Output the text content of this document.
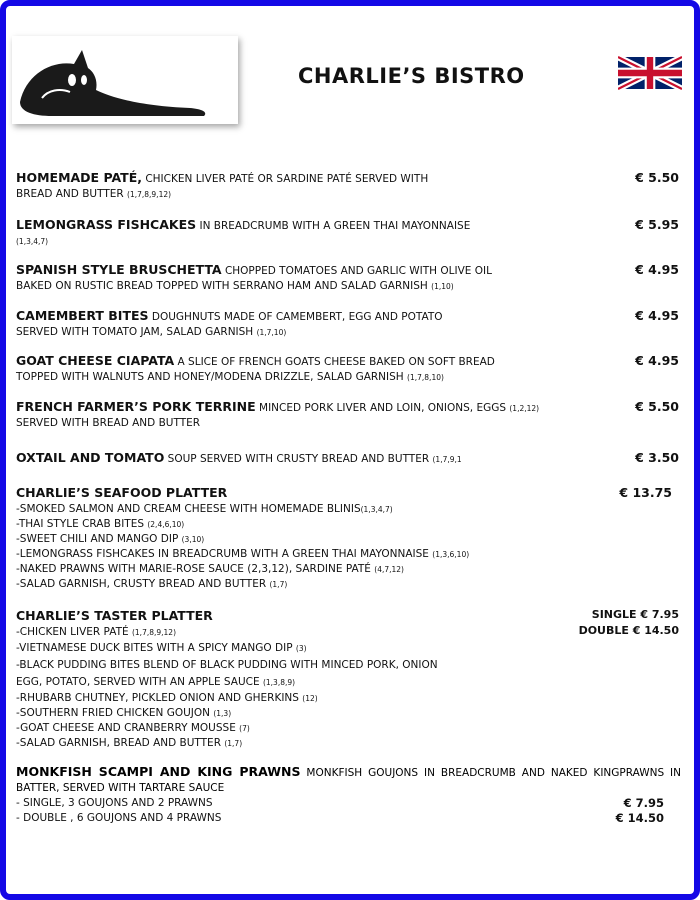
CHARLIE’S BISTRO
HOMEMADE PATÉ, CHICKEN LIVER PATÉ OR SARDINE PATÉ SERVED WITH
BREAD AND BUTTER (1,7,8,9,12)
€ 5.50
LEMONGRASS FISHCAKES IN BREADCRUMB WITH A GREEN THAI MAYONNAISE
(1,3,4,7)
€ 5.95
SPANISH STYLE BRUSCHETTA CHOPPED TOMATOES AND GARLIC WITH OLIVE OIL
BAKED ON RUSTIC BREAD TOPPED WITH SERRANO HAM AND SALAD GARNISH (1,10)
€ 4.95
CAMEMBERT BITES DOUGHNUTS MADE OF CAMEMBERT, EGG AND POTATO
SERVED WITH TOMATO JAM, SALAD GARNISH (1,7,10)
€ 4.95
GOAT CHEESE CIAPATA A SLICE OF FRENCH GOATS CHEESE BAKED ON SOFT BREAD
TOPPED WITH WALNUTS AND HONEY/MODENA DRIZZLE, SALAD GARNISH (1,7,8,10)
€ 4.95
FRENCH FARMER’S PORK TERRINE MINCED PORK LIVER AND LOIN, ONIONS, EGGS (1,2,12)
SERVED WITH BREAD AND BUTTER
€ 5.50
OXTAIL AND TOMATO SOUP SERVED WITH CRUSTY BREAD AND BUTTER (1,7,9,1	€ 3.50
CHARLIE’S SEAFOOD PLATTER	€ 13.75
-SMOKED SALMON AND CREAM CHEESE WITH HOMEMADE BLINIS(1,3,4,7)
-THAI STYLE CRAB BITES (2,4,6,10)
-SWEET CHILI AND MANGO DIP (3,10)
-LEMONGRASS FISHCAKES IN BREADCRUMB WITH A GREEN THAI MAYONNAISE (1,3,6,10)
-NAKED PRAWNS WITH MARIE-ROSE SAUCE (2,3,12), SARDINE PATÉ (4,7,12)
-SALAD GARNISH, CRUSTY BREAD AND BUTTER (1,7)
CHARLIE’S TASTER PLATTER	SINGLE € 7.95
DOUBLE € 14.50
-CHICKEN LIVER PATÉ (1,7,8,9,12)
-VIETNAMESE DUCK BITES WITH A SPICY MANGO DIP (3)
-BLACK PUDDING BITES BLEND OF BLACK PUDDING WITH MINCED PORK, ONION
EGG, POTATO, SERVED WITH AN APPLE SAUCE (1,3,8,9)
-RHUBARB CHUTNEY, PICKLED ONION AND GHERKINS (12)
-SOUTHERN FRIED CHICKEN GOUJON (1,3)
-GOAT CHEESE AND CRANBERRY MOUSSE (7)
-SALAD GARNISH, BREAD AND BUTTER (1,7)
MONKFISH SCAMPI AND KING PRAWNS MONKFISH GOUJONS IN BREADCRUMB AND NAKED KINGPRAWNS IN BATTER, SERVED WITH TARTARE SAUCE
- SINGLE, 3 GOUJONS AND 2 PRAWNS	€ 7.95
- DOUBLE , 6 GOUJONS AND 4 PRAWNS	€ 14.50
